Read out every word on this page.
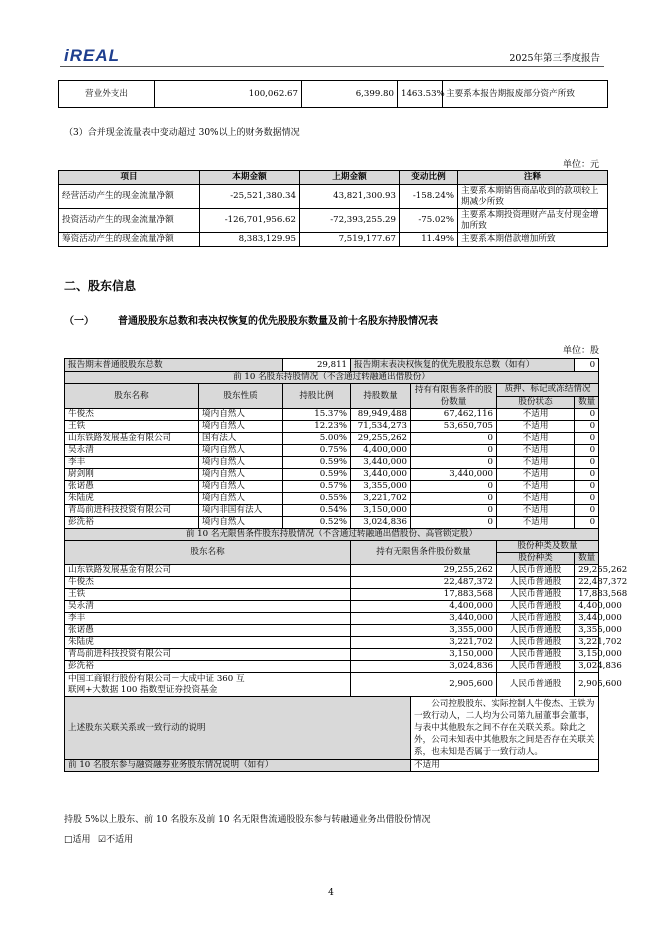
iREAL	2025年第三季度报告
营业外支出	100,062.67	6,399.80	1463.53%	主要系本报告期报废部分资产所致
（3）合并现金流量表中变动超过 30%以上的财务数据情况
单位：元
项目	本期金额	上期金额	变动比例	注释
经营活动产生的现金流量净额	-25,521,380.34	43,821,300.93	-158.24%	主要系本期销售商品收到的款项较上期减少所致
投资活动产生的现金流量净额	-126,701,956.62	-72,393,255.29	-75.02%	主要系本期投资理财产品支付现金增加所致
筹资活动产生的现金流量净额	8,383,129.95	7,519,177.67	11.49%	主要系本期借款增加所致
二、股东信息
（一） 普通股股东总数和表决权恢复的优先股股东数量及前十名股东持股情况表
单位：股
报告期末普通股股东总数		29,811	报告期末表决权恢复的优先股股东总数（如有）			0
前 10 名股东持股情况（不含通过转融通出借股份）						
股东名称	股东性质	持股比例	持股数量	持有有限售条件的股份数量	质押、标记或冻结情况	
					股份状态	数量
牛俊杰	境内自然人	15.37%	89,949,488	67,462,116	不适用	0
王铁	境内自然人	12.23%	71,534,273	53,650,705	不适用	0
山东铁路发展基金有限公司	国有法人	5.00%	29,255,262	0	不适用	0
吴永清	境内自然人	0.75%	4,400,000	0	不适用	0
李丰	境内自然人	0.59%	3,440,000	0	不适用	0
尉剑刚	境内自然人	0.59%	3,440,000	3,440,000	不适用	0
张诺愚	境内自然人	0.57%	3,355,000	0	不适用	0
朱陆虎	境内自然人	0.55%	3,221,702	0	不适用	0
青岛前进科技投资有限公司	境内非国有法人	0.54%	3,150,000	0	不适用	0
彭洗裕	境内自然人	0.52%	3,024,836	0	不适用	0
前 10 名无限售条件股东持股情况（不含通过转融通出借股份、高管锁定股）						
股东名称			持有无限售条件股份数量		股份种类及数量	
					股份种类	数量
山东铁路发展基金有限公司			29,255,262		人民币普通股	29,255,262
牛俊杰			22,487,372		人民币普通股	22,487,372
王铁			17,883,568		人民币普通股	17,883,568
吴永清			4,400,000		人民币普通股	4,400,000
李丰			3,440,000		人民币普通股	3,440,000
张诺愚			3,355,000		人民币普通股	3,355,000
朱陆虎			3,221,702		人民币普通股	3,221,702
青岛前进科技投资有限公司			3,150,000		人民币普通股	3,150,000
彭洗裕			3,024,836		人民币普通股	3,024,836

中国工商银行股份有限公司－大成中证 360 互
联网+大数据 100 指数型证券投资基金			2,905,600		人民币普通股	2,905,600
上述股东关联关系或一致行动的说明				公司控股股东、实际控制人牛俊杰、王铁为一致行动人，二人均为公司第九届董事会董事，与表中其他股东之间不存在关联关系。除此之外，公司未知表中其他股东之间是否存在关联关系，也未知是否属于一致行动人。		
前 10 名股东参与融资融券业务股东情况说明（如有）				不适用		
持股 5%以上股东、前 10 名股东及前 10 名无限售流通股股东参与转融通业务出借股份情况
□适用 ☑不适用
4
